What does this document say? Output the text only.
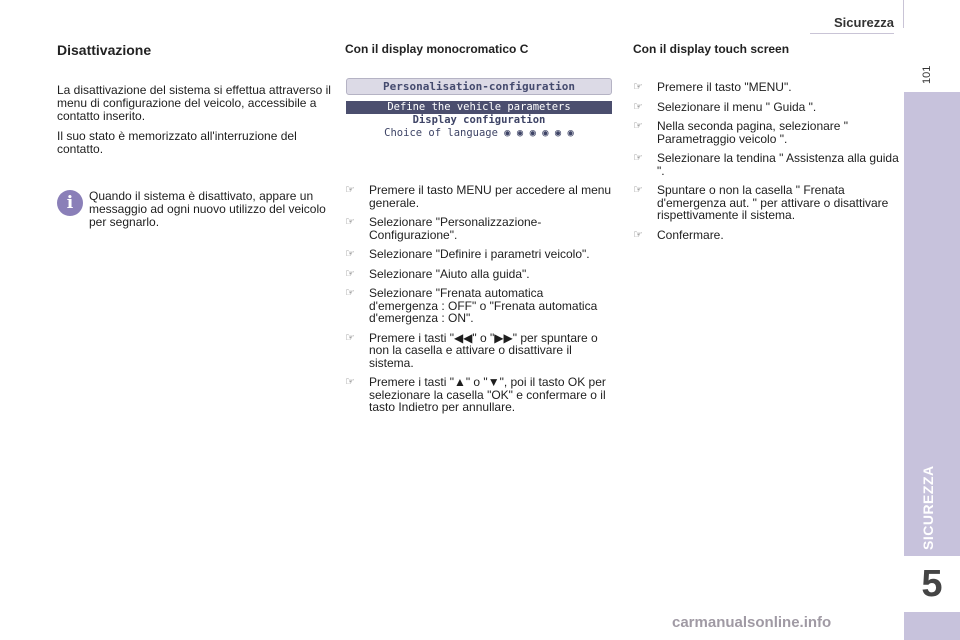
Sicurezza
101
SICUREZZA
5
Disattivazione

La disattivazione del sistema si effettua attraverso il menu di configurazione del veicolo, accessibile a contatto inserito.

Il suo stato è memorizzato all'interruzione del contatto.

i	Quando il sistema è disattivato, appare un messaggio ad ogni nuovo utilizzo del veicolo per segnarlo.
Con il display monocromatico C
☞ Premere il tasto MENU per accedere al menu generale.
☞ Selezionare "Personalizzazione-Configurazione".
☞ Selezionare "Definire i parametri veicolo".
☞ Selezionare "Aiuto alla guida".
☞ Selezionare "Frenata automatica d'emergenza : OFF" o "Frenata automatica d'emergenza : ON".
☞ Premere i tasti "◀◀" o "▶▶" per spuntare o non la casella e attivare o disattivare il sistema.
☞ Premere i tasti "▲" o "▼", poi il tasto OK per selezionare la casella "OK" e confermare o il tasto Indietro per annullare.
Personalisation-configuration
Define the vehicle parameters
Display configuration
Choice of language ◉ ◉ ◉ ◉ ◉ ◉
Con il display touch screen
☞ Premere il tasto "MENU".
☞ Selezionare il menu " Guida ".
☞ Nella seconda pagina, selezionare " Parametraggio veicolo ".
☞ Selezionare la tendina " Assistenza alla guida ".
☞ Spuntare o non la casella " Frenata d'emergenza aut. " per attivare o disattivare rispettivamente il sistema.
☞ Confermare.
carmanualsonline.info
